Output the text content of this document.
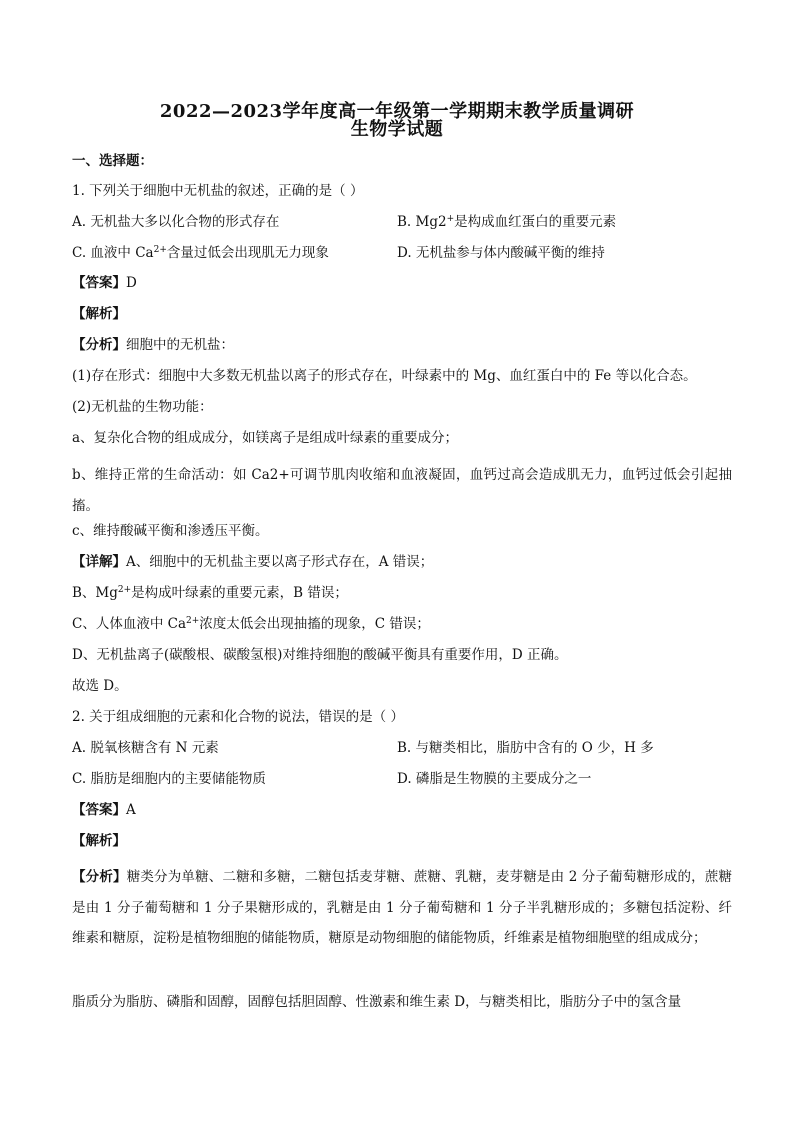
2022—2023学年度高一年级第一学期期末教学质量调研
生物学试题
一、选择题：
1. 下列关于细胞中无机盐的叙述，正确的是（ ）
A. 无机盐大多以化合物的形式存在	B. Mg2+是构成血红蛋白的重要元素
C. 血液中 $Ca^{2+}$含量过低会出现肌无力现象	D. 无机盐参与体内酸碱平衡的维持
【答案】D
【解析】
【分析】细胞中的无机盐：
(1)存在形式：细胞中大多数无机盐以离子的形式存在，叶绿素中的 Mg、血红蛋白中的 Fe 等以化合态。
(2)无机盐的生物功能：
a、复杂化合物的组成成分，如镁离子是组成叶绿素的重要成分；
b、维持正常的生命活动：如 Ca2+可调节肌肉收缩和血液凝固，血钙过高会造成肌无力，血钙过低会引起抽搐。
c、维持酸碱平衡和渗透压平衡。
【详解】A、细胞中的无机盐主要以离子形式存在，A 错误；
B、$Mg^{2+}$是构成叶绿素的重要元素，B 错误；
C、人体血液中 $Ca^{2+}$浓度太低会出现抽搐的现象，C 错误；
D、无机盐离子(碳酸根、碳酸氢根)对维持细胞的酸碱平衡具有重要作用，D 正确。
故选 D。
2. 关于组成细胞的元素和化合物的说法，错误的是（ ）
A. 脱氧核糖含有 N 元素	B. 与糖类相比，脂肪中含有的 O 少，H 多
C. 脂肪是细胞内的主要储能物质	D. 磷脂是生物膜的主要成分之一
【答案】A
【解析】
【分析】糖类分为单糖、二糖和多糖，二糖包括麦芽糖、蔗糖、乳糖，麦芽糖是由 2 分子葡萄糖形成的，蔗糖是由 1 分子葡萄糖和 1 分子果糖形成的，乳糖是由 1 分子葡萄糖和 1 分子半乳糖形成的；多糖包括淀粉、纤维素和糖原，淀粉是植物细胞的储能物质，糖原是动物细胞的储能物质，纤维素是植物细胞壁的组成成分；
脂质分为脂肪、磷脂和固醇，固醇包括胆固醇、性激素和维生素 D，与糖类相比，脂肪分子中的氢含量
